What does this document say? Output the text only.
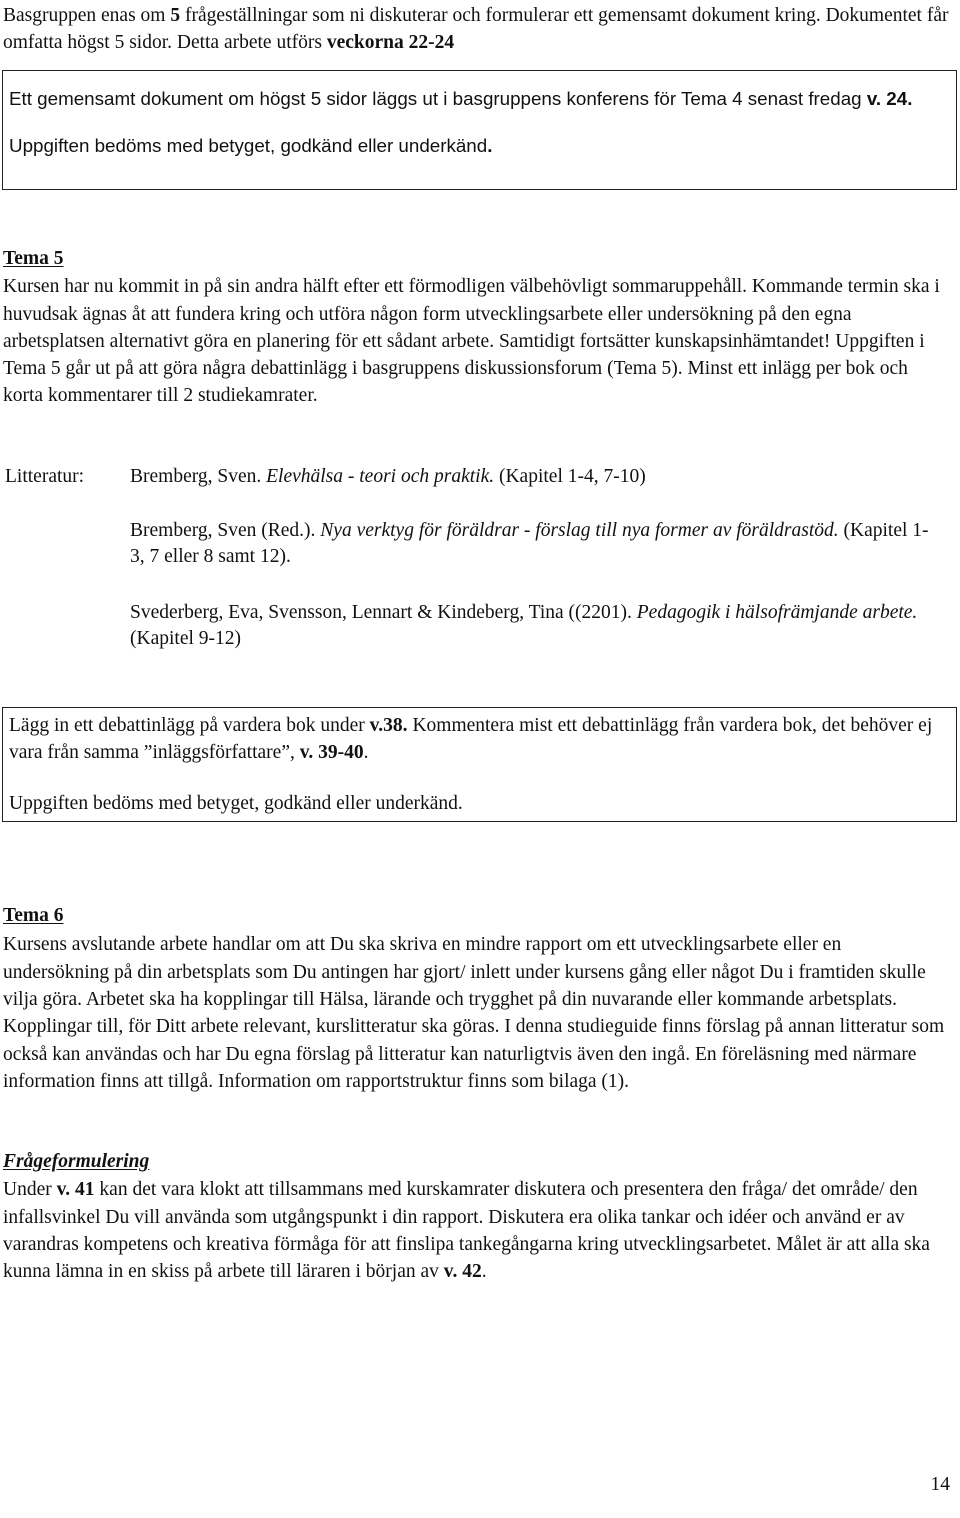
Basgruppen enas om 5 frågeställningar som ni diskuterar och formulerar ett gemensamt dokument kring. Dokumentet får omfatta högst 5 sidor. Detta arbete utförs veckorna 22-24
Ett gemensamt dokument om högst 5 sidor läggs ut i basgruppens konferens för Tema 4 senast fredag v. 24.
Uppgiften bedöms med betyget, godkänd eller underkänd.
Tema 5
Kursen har nu kommit in på sin andra hälft efter ett förmodligen välbehövligt sommaruppehåll. Kommande termin ska i huvudsak ägnas åt att fundera kring och utföra någon form utvecklingsarbete eller undersökning på den egna arbetsplatsen alternativt göra en planering för ett sådant arbete. Samtidigt fortsätter kunskapsinhämtandet! Uppgiften i Tema 5 går ut på att göra några debattinlägg i basgruppens diskussionsforum (Tema 5). Minst ett inlägg per bok och korta kommentarer till 2 studiekamrater.
Litteratur: Bremberg, Sven. Elevhälsa - teori och praktik. (Kapitel 1-4, 7-10)
Bremberg, Sven (Red.). Nya verktyg för föräldrar - förslag till nya former av föräldrastöd. (Kapitel 1-3, 7 eller 8 samt 12).
Svederberg, Eva, Svensson, Lennart & Kindeberg, Tina ((2201). Pedagogik i hälsofrämjande arbete. (Kapitel 9-12)
Lägg in ett debattinlägg på vardera bok under v.38. Kommentera mist ett debattinlägg från vardera bok, det behöver ej vara från samma ”inläggsförfattare”, v. 39-40.
Uppgiften bedöms med betyget, godkänd eller underkänd.
Tema 6
Kursens avslutande arbete handlar om att Du ska skriva en mindre rapport om ett utvecklingsarbete eller en undersökning på din arbetsplats som Du antingen har gjort/ inlett under kursens gång eller något Du i framtiden skulle vilja göra. Arbetet ska ha kopplingar till Hälsa, lärande och trygghet på din nuvarande eller kommande arbetsplats. Kopplingar till, för Ditt arbete relevant, kurslitteratur ska göras. I denna studieguide finns förslag på annan litteratur som också kan användas och har Du egna förslag på litteratur kan naturligtvis även den ingå. En föreläsning med närmare information finns att tillgå. Information om rapportstruktur finns som bilaga (1).
Frågeformulering
Under v. 41 kan det vara klokt att tillsammans med kurskamrater diskutera och presentera den fråga/ det område/ den infallsvinkel Du vill använda som utgångspunkt i din rapport. Diskutera era olika tankar och idéer och använd er av varandras kompetens och kreativa förmåga för att finslipa tankegångarna kring utvecklingsarbetet. Målet är att alla ska kunna lämna in en skiss på arbete till läraren i början av v. 42.
14
